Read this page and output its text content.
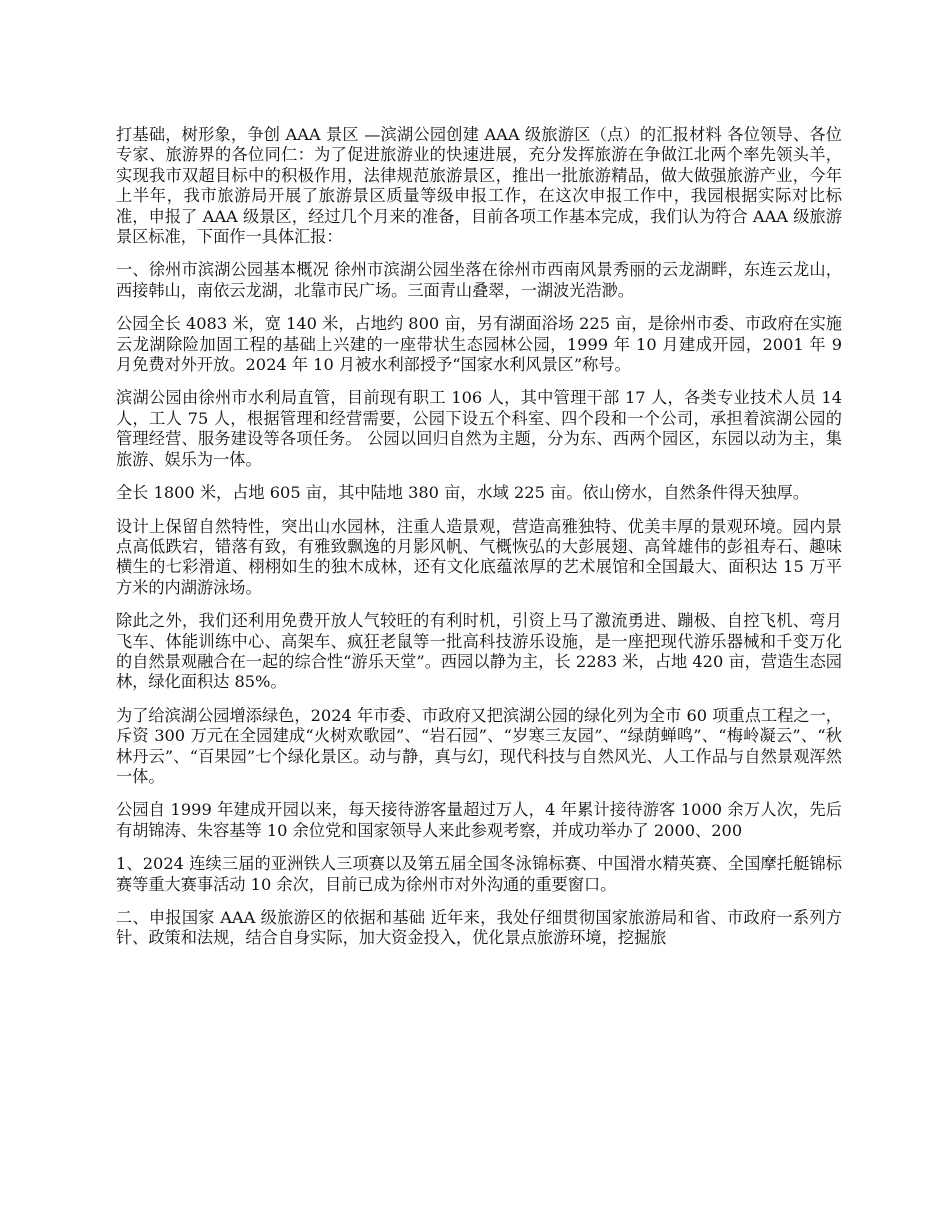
打基础，树形象，争创 AAA 景区 —滨湖公园创建 AAA 级旅游区（点）的汇报材料 各位领导、各位专家、旅游界的各位同仁：为了促进旅游业的快速进展，充分发挥旅游在争做江北两个率先领头羊，实现我市双超目标中的积极作用，法律规范旅游景区，推出一批旅游精品，做大做强旅游产业，今年上半年，我市旅游局开展了旅游景区质量等级申报工作，在这次申报工作中，我园根据实际对比标准，申报了 AAA 级景区，经过几个月来的准备，目前各项工作基本完成，我们认为符合 AAA 级旅游景区标准，下面作一具体汇报：

一、徐州市滨湖公园基本概况 徐州市滨湖公园坐落在徐州市西南风景秀丽的云龙湖畔，东连云龙山，西接韩山，南依云龙湖，北靠市民广场。三面青山叠翠，一湖波光浩渺。

公园全长 4083 米，宽 140 米，占地约 800 亩，另有湖面浴场 225 亩，是徐州市委、市政府在实施云龙湖除险加固工程的基础上兴建的一座带状生态园林公园，1999 年 10 月建成开园，2001 年 9 月免费对外开放。2024 年 10 月被水利部授予“国家水利风景区”称号。

滨湖公园由徐州市水利局直管，目前现有职工 106 人，其中管理干部 17 人，各类专业技术人员 14 人，工人 75 人，根据管理和经营需要，公园下设五个科室、四个段和一个公司，承担着滨湖公园的管理经营、服务建设等各项任务。 公园以回归自然为主题，分为东、西两个园区，东园以动为主，集旅游、娱乐为一体。

全长 1800 米，占地 605 亩，其中陆地 380 亩，水域 225 亩。依山傍水，自然条件得天独厚。

设计上保留自然特性，突出山水园林，注重人造景观，营造高雅独特、优美丰厚的景观环境。园内景点高低跌宕，错落有致，有雅致飘逸的月影风帆、气概恢弘的大彭展翅、高耸雄伟的彭祖寿石、趣味横生的七彩滑道、栩栩如生的独木成林，还有文化底蕴浓厚的艺术展馆和全国最大、面积达 15 万平方米的内湖游泳场。

除此之外，我们还利用免费开放人气较旺的有利时机，引资上马了激流勇进、蹦极、自控飞机、弯月飞车、体能训练中心、高架车、疯狂老鼠等一批高科技游乐设施，是一座把现代游乐器械和千变万化的自然景观融合在一起的综合性“游乐天堂”。西园以静为主，长 2283 米，占地 420 亩，营造生态园林，绿化面积达 85%。

为了给滨湖公园增添绿色，2024 年市委、市政府又把滨湖公园的绿化列为全市 60 项重点工程之一，斥资 300 万元在全园建成“火树欢歌园”、“岩石园”、“岁寒三友园”、“绿荫蝉鸣”、“梅岭凝云”、“秋林丹云”、“百果园”七个绿化景区。动与静，真与幻，现代科技与自然风光、人工作品与自然景观浑然一体。

公园自 1999 年建成开园以来，每天接待游客量超过万人，4 年累计接待游客 1000 余万人次，先后有胡锦涛、朱容基等 10 余位党和国家领导人来此参观考察，并成功举办了 2000、200

1、2024 连续三届的亚洲铁人三项赛以及第五届全国冬泳锦标赛、中国滑水精英赛、全国摩托艇锦标赛等重大赛事活动 10 余次，目前已成为徐州市对外沟通的重要窗口。

二、申报国家 AAA 级旅游区的依据和基础 近年来，我处仔细贯彻国家旅游局和省、市政府一系列方针、政策和法规，结合自身实际，加大资金投入，优化景点旅游环境，挖掘旅
